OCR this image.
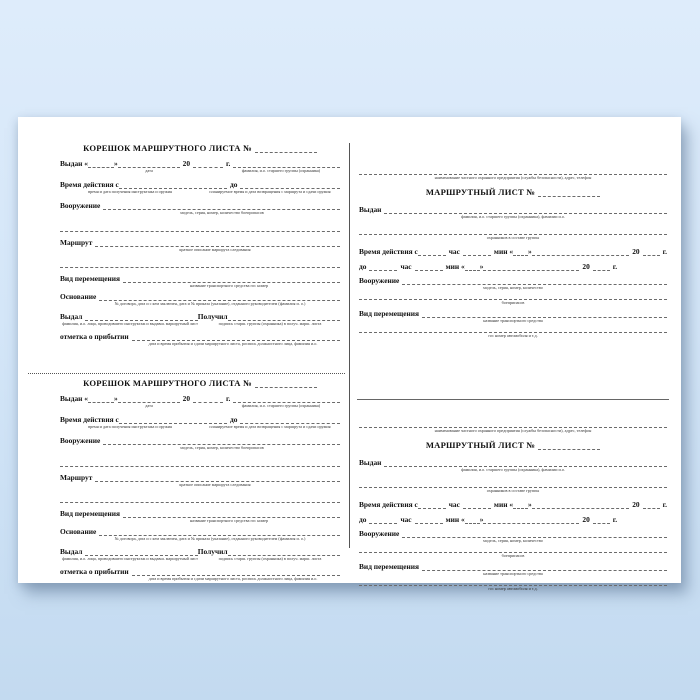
КОРЕШОК МАРШРУТНОГО ЛИСТА №
Выдан «	»	20	г.
дата	фамилия, и.о. старшего группы (охранника)
Время действия с	до
время и дата получения инструктажа и оружия	планируемое время и дата возвращения с маршрута и сдачи оружия
Вооружение
модель, серия, номер, количество боеприпасов
Маршрут
краткое описание маршрута следования
Вид перемещения
название транспортного средства гос номер
Основание
№ договора, дата и с кем заключен, дата и № приказа (указание), отданного руководителем (фамилия и. о.)
Выдал	Получил
фамилия, и.о. лица, проводившего инструктаж и выдавш. маршрутный лист	подпись старш. группы (охранника) в получ. марш. листа
отметка о прибытии
дата и время прибытия и сдачи маршрутного листа, роспись должностного лица, фамилия и.о.
КОРЕШОК МАРШРУТНОГО ЛИСТА №
Выдан «	»	20	г.
дата	фамилия, и.о. старшего группы (охранника)
Время действия с	до
время и дата получения инструктажа и оружия	планируемое время и дата возвращения с маршрута и сдачи оружия
Вооружение
модель, серия, номер, количество боеприпасов
Маршрут
краткое описание маршрута следования
Вид перемещения
название транспортного средства гос номер
Основание
№ договора, дата и с кем заключен, дата и № приказа (указание), отданного руководителем (фамилия и. о.)
Выдал	Получил
фамилия, и.о. лица, проводившего инструктаж и выдавш. маршрутный лист	подпись старш. группы (охранника) в получ. марш. листа
отметка о прибытии
дата и время прибытия и сдачи маршрутного листа, роспись должностного лица, фамилия и.о.
наименование частного охранного предприятия (службы безопасности), адрес, телефон
МАРШРУТНЫЙ ЛИСТ №
Выдан
фамилия, и.о. старшего группы (охранника), фамилии и.о.
охранников в составе группы
Время действия с	час	мин « »	20	г.
до	час	мин « »	20	г.
Вооружение
модель, серия, номер, количество
боеприпасов
Вид перемещения
название транспортного средства
гос номер автомобиля и т.д.
наименование частного охранного предприятия (службы безопасности), адрес, телефон
МАРШРУТНЫЙ ЛИСТ №
Выдан
фамилия, и.о. старшего группы (охранника), фамилии и.о.
охранников в составе группы
Время действия с	час	мин « »	20	г.
до	час	мин « »	20	г.
Вооружение
модель, серия, номер, количество
боеприпасов
Вид перемещения
название транспортного средства
гос номер автомобиля и т.д.
